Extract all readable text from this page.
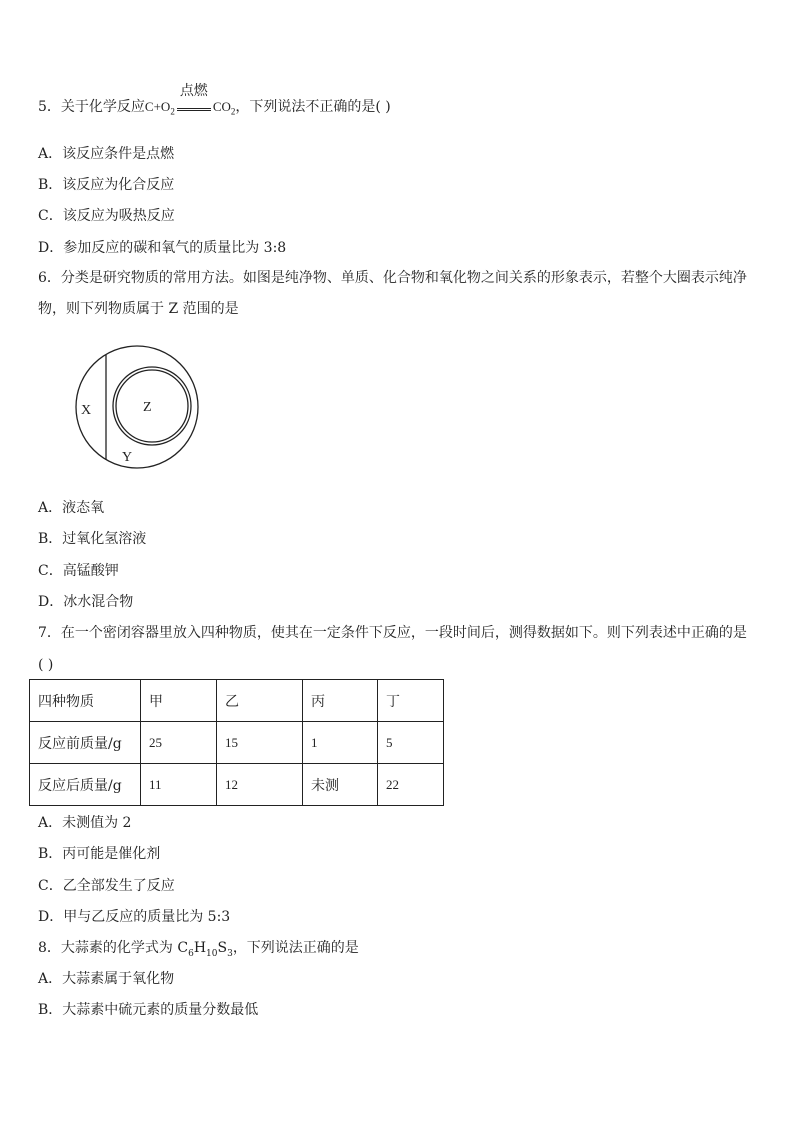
5．关于化学反应$C+O_2$
点燃
$CO_2$，下列说法不正确的是( )
A．该反应条件是点燃
B．该反应为化合反应
C．该反应为吸热反应
D．参加反应的碳和氧气的质量比为 3:8
6．分类是研究物质的常用方法。如图是纯净物、单质、化合物和氧化物之间关系的形象表示，若整个大圈表示纯净物，则下列物质属于 Z 范围的是
X
Y
Z
A．液态氧
B．过氧化氢溶液
C．高锰酸钾
D．冰水混合物
7．在一个密闭容器里放入四种物质，使其在一定条件下反应，一段时间后，测得数据如下。则下列表述中正确的是
( )
四种物质	甲	乙	丙	丁
反应前质量/g	25	15	1	5
反应后质量/g	11	12	未测	22
A．未测值为 2
B．丙可能是催化剂
C．乙全部发生了反应
D．甲与乙反应的质量比为 5:3
8．大蒜素的化学式为 $C_6H_{10}S_3$，下列说法正确的是
A．大蒜素属于氧化物
B．大蒜素中硫元素的质量分数最低
